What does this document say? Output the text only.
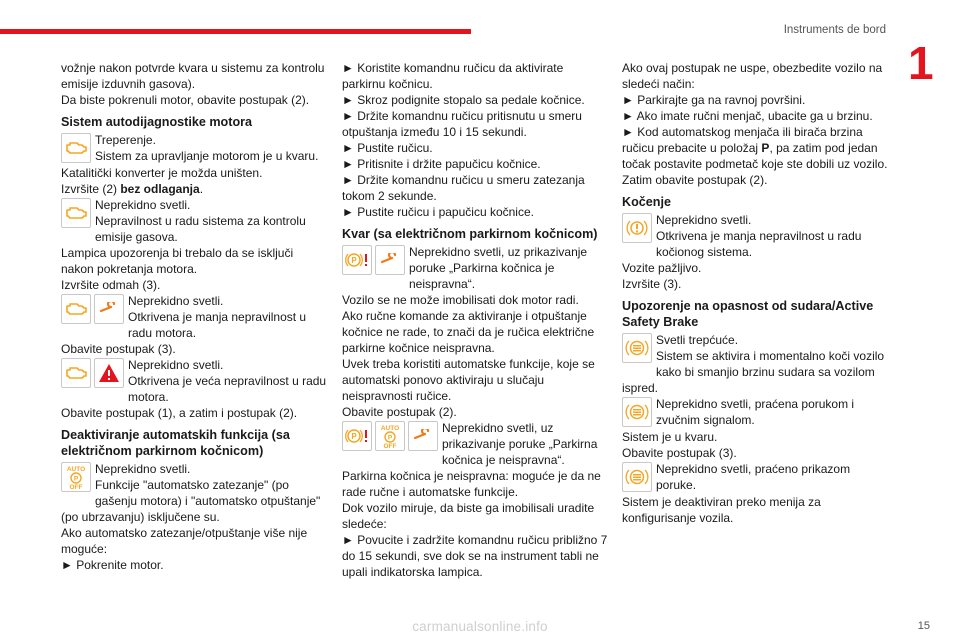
Instruments de bord
1

vožnje nakon potvrde kvara u sistemu za kontrolu emisije izduvnih gasova).

Da biste pokrenuli motor, obavite postupak (2).

Sistem autodijagnostike motora
Treperenje.
Sistem za upravljanje motorom je u kvaru.

Katalitički konverter je možda uništen.

Izvršite (2) bez odlaganja.

Neprekidno svetli.
Nepravilnost u radu sistema za kontrolu emisije gasova.

Lampica upozorenja bi trebalo da se isključi nakon pokretanja motora.

Izvršite odmah (3).

Neprekidno svetli.
Otkrivena je manja nepravilnost u radu motora.

Obavite postupak (3).

Neprekidno svetli.
Otkrivena je veća nepravilnost u radu motora.

Obavite postupak (1), a zatim i postupak (2).

Deaktiviranje automatskih funkcija (sa električnom parkirnom kočnicom)
AUTO
P
OFF
Neprekidno svetli.
Funkcije "automatsko zatezanje" (po gašenju motora) i "automatsko otpuštanje" (po ubrzavanju) isključene su.

Ako automatsko zatezanje/otpuštanje više nije moguće:

► Pokrenite motor.

► Koristite komandnu ručicu da aktivirate parkirnu kočnicu.

► Skroz podignite stopalo sa pedale kočnice.

► Držite komandnu ručicu pritisnutu u smeru otpuštanja između 10 i 15 sekundi.

► Pustite ručicu.

► Pritisnite i držite papučicu kočnice.

► Držite komandnu ručicu u smeru zatezanja tokom 2 sekunde.

► Pustite ručicu i papučicu kočnice.

Kvar (sa električnom parkirnom kočnicom)
P
Neprekidno svetli, uz prikazivanje poruke „Parkirna kočnica je neispravna“.

Vozilo se ne može imobilisati dok motor radi.

Ako ručne komande za aktiviranje i otpuštanje kočnice ne rade, to znači da je ručica električne parkirne kočnice neispravna.

Uvek treba koristiti automatske funkcije, koje se automatski ponovo aktiviraju u slučaju neispravnosti ručice.

Obavite postupak (2).

P
AUTO
P
OFF
Neprekidno svetli, uz prikazivanje poruke „Parkirna kočnica je neispravna“.

Parkirna kočnica je neispravna: moguće je da ne rade ručne i automatske funkcije.

Dok vozilo miruje, da biste ga imobilisali uradite sledeće:

► Povucite i zadržite komandnu ručicu približno 7 do 15 sekundi, sve dok se na instrument tabli ne upali indikatorska lampica.

Ako ovaj postupak ne uspe, obezbedite vozilo na sledeći način:

► Parkirajte ga na ravnoj površini.

► Ako imate ručni menjač, ubacite ga u brzinu.

► Kod automatskog menjača ili birača brzina ručicu prebacite u položaj P, pa zatim pod jedan točak postavite podmetač koje ste dobili uz vozilo.

Zatim obavite postupak (2).

Kočenje
Neprekidno svetli.
Otkrivena je manja nepravilnost u radu kočionog sistema.

Vozite pažljivo.

Izvršite (3).

Upozorenje na opasnost od sudara/Active Safety Brake
Svetli trepćuće.
Sistem se aktivira i momentalno koči vozilo kako bi smanjio brzinu sudara sa vozilom ispred.
Neprekidno svetli, praćena porukom i zvučnim signalom.

Sistem je u kvaru.

Obavite postupak (3).

Neprekidno svetli, praćeno prikazom poruke.

Sistem je deaktiviran preko menija za konfigurisanje vozila.

15
carmanualsonline.info
